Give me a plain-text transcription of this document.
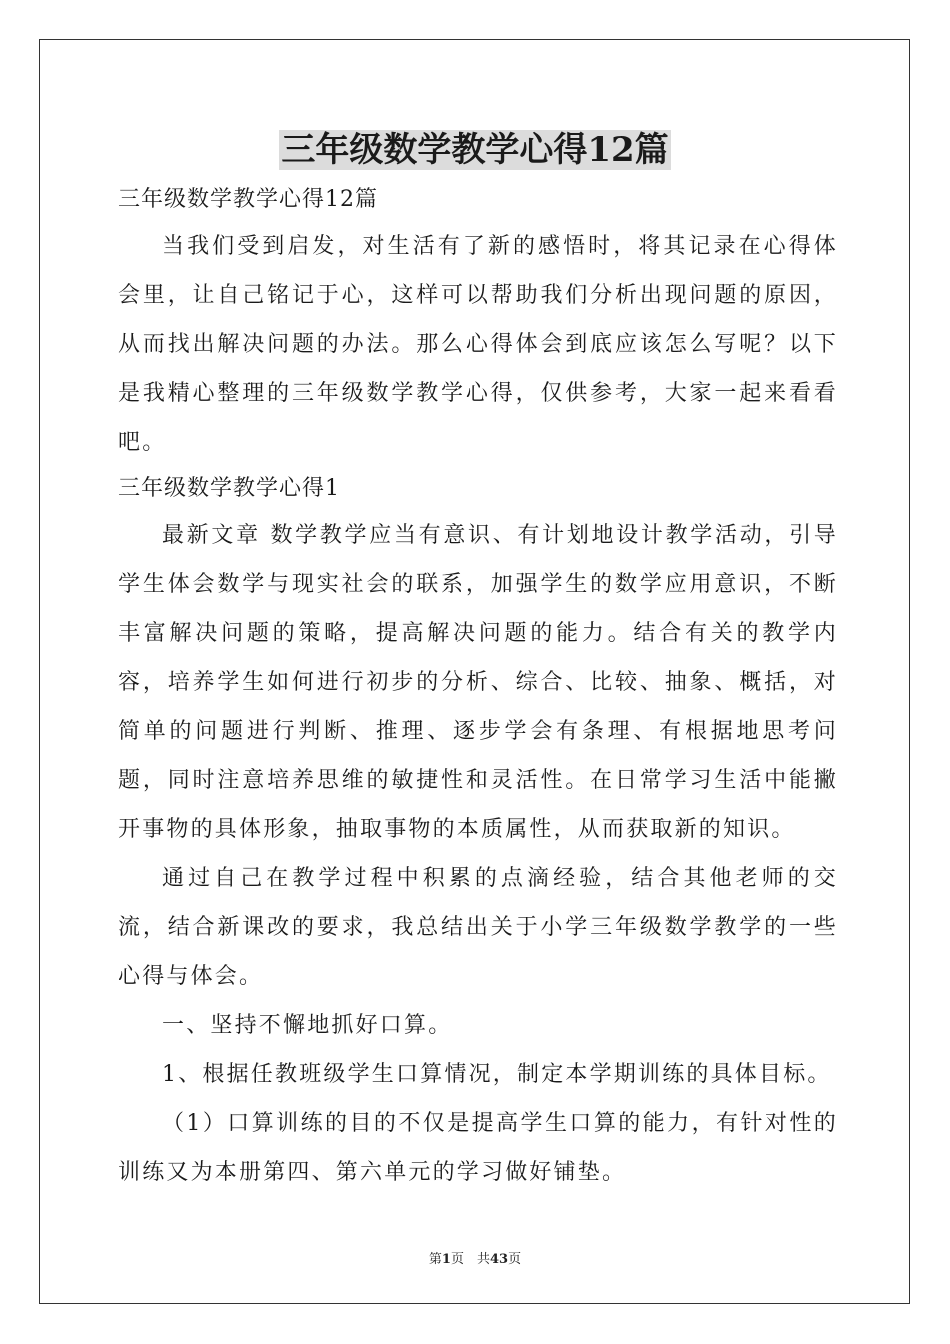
三年级数学教学心得12篇

三年级数学教学心得12篇

当我们受到启发，对生活有了新的感悟时，将其记录在心得体会里，让自己铭记于心，这样可以帮助我们分析出现问题的原因，从而找出解决问题的办法。那么心得体会到底应该怎么写呢？以下是我精心整理的三年级数学教学心得，仅供参考，大家一起来看看吧。

三年级数学教学心得1

最新文章 数学教学应当有意识、有计划地设计教学活动，引导学生体会数学与现实社会的联系，加强学生的数学应用意识，不断丰富解决问题的策略，提高解决问题的能力。结合有关的教学内容，培养学生如何进行初步的分析、综合、比较、抽象、概括，对简单的问题进行判断、推理、逐步学会有条理、有根据地思考问题，同时注意培养思维的敏捷性和灵活性。在日常学习生活中能撇开事物的具体形象，抽取事物的本质属性，从而获取新的知识。

通过自己在教学过程中积累的点滴经验，结合其他老师的交流，结合新课改的要求，我总结出关于小学三年级数学教学的一些心得与体会。

一、坚持不懈地抓好口算。

1、根据任教班级学生口算情况，制定本学期训练的具体目标。

（1）口算训练的目的不仅是提高学生口算的能力，有针对性的训练又为本册第四、第六单元的学习做好铺垫。

第1页　共43页
